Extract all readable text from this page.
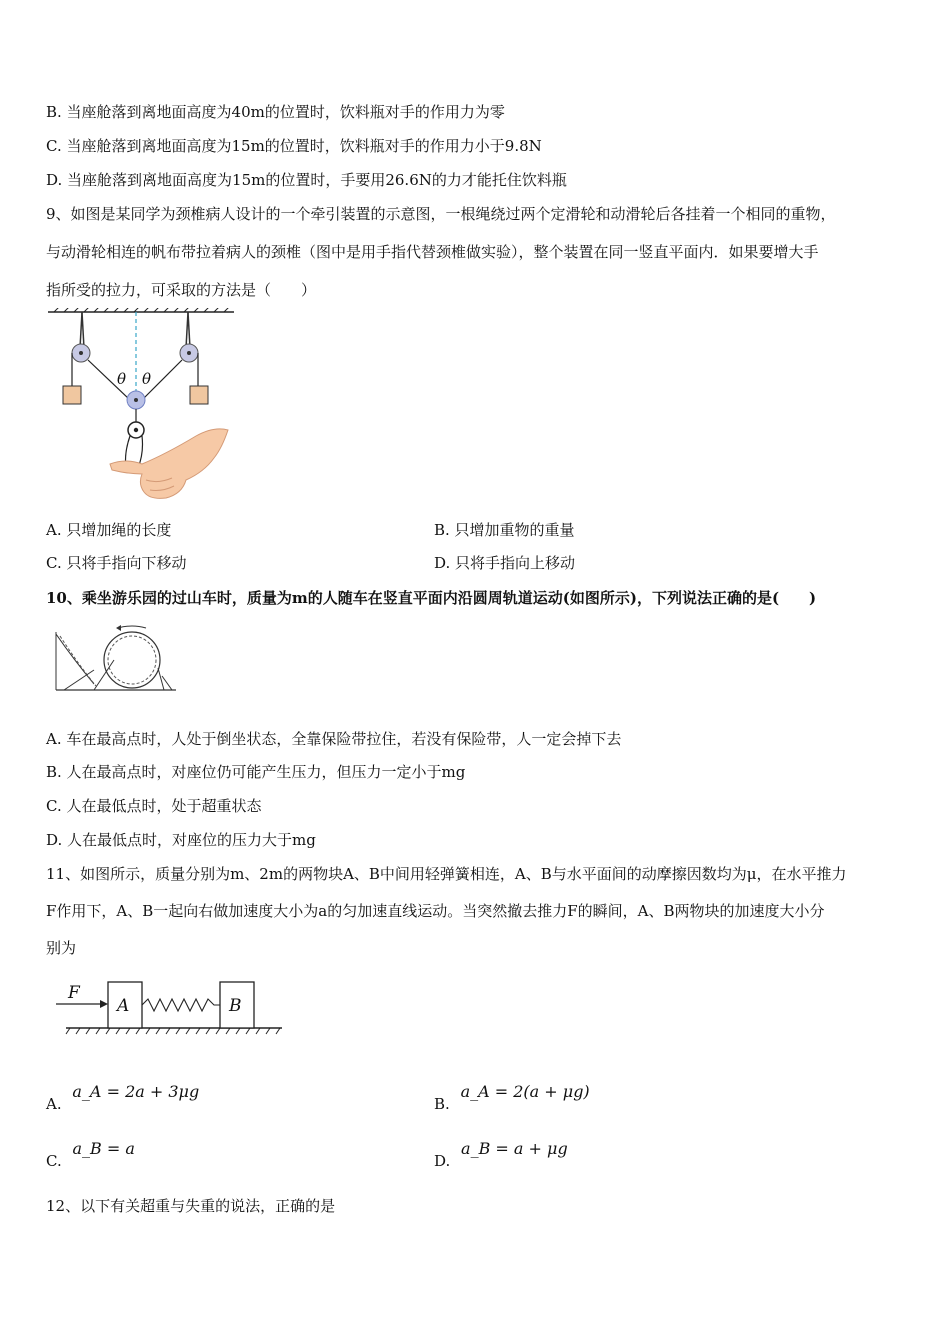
B. 当座舱落到离地面高度为40m的位置时，饮料瓶对手的作用力为零
C. 当座舱落到离地面高度为15m的位置时，饮料瓶对手的作用力小于9.8N
D. 当座舱落到离地面高度为15m的位置时，手要用26.6N的力才能托住饮料瓶
9、如图是某同学为颈椎病人设计的一个牵引装置的示意图，一根绳绕过两个定滑轮和动滑轮后各挂着一个相同的重物，
与动滑轮相连的帆布带拉着病人的颈椎（图中是用手指代替颈椎做实验），整个装置在同一竖直平面内．如果要增大手
指所受的拉力，可采取的方法是（　　）
θ θ
A. 只增加绳的长度	B. 只增加重物的重量
C. 只将手指向下移动	D. 只将手指向上移动
10、乘坐游乐园的过山车时，质量为m的人随车在竖直平面内沿圆周轨道运动(如图所示)，下列说法正确的是(　　)
A. 车在最高点时，人处于倒坐状态，全靠保险带拉住，若没有保险带，人一定会掉下去
B. 人在最高点时，对座位仍可能产生压力，但压力一定小于mg
C. 人在最低点时，处于超重状态
D. 人在最低点时，对座位的压力大于mg
11、如图所示，质量分别为m、2m的两物块A、B中间用轻弹簧相连，A、B与水平面间的动摩擦因数均为μ，在水平推力
F作用下，A、B一起向右做加速度大小为a的匀加速直线运动。当突然撤去推力F的瞬间，A、B两物块的加速度大小分
别为
F
A	B
A. a_A = 2a + 3μg
B. a_A = 2(a + μg)
C. a_B = a
D. a_B = a + μg
12、以下有关超重与失重的说法，正确的是
